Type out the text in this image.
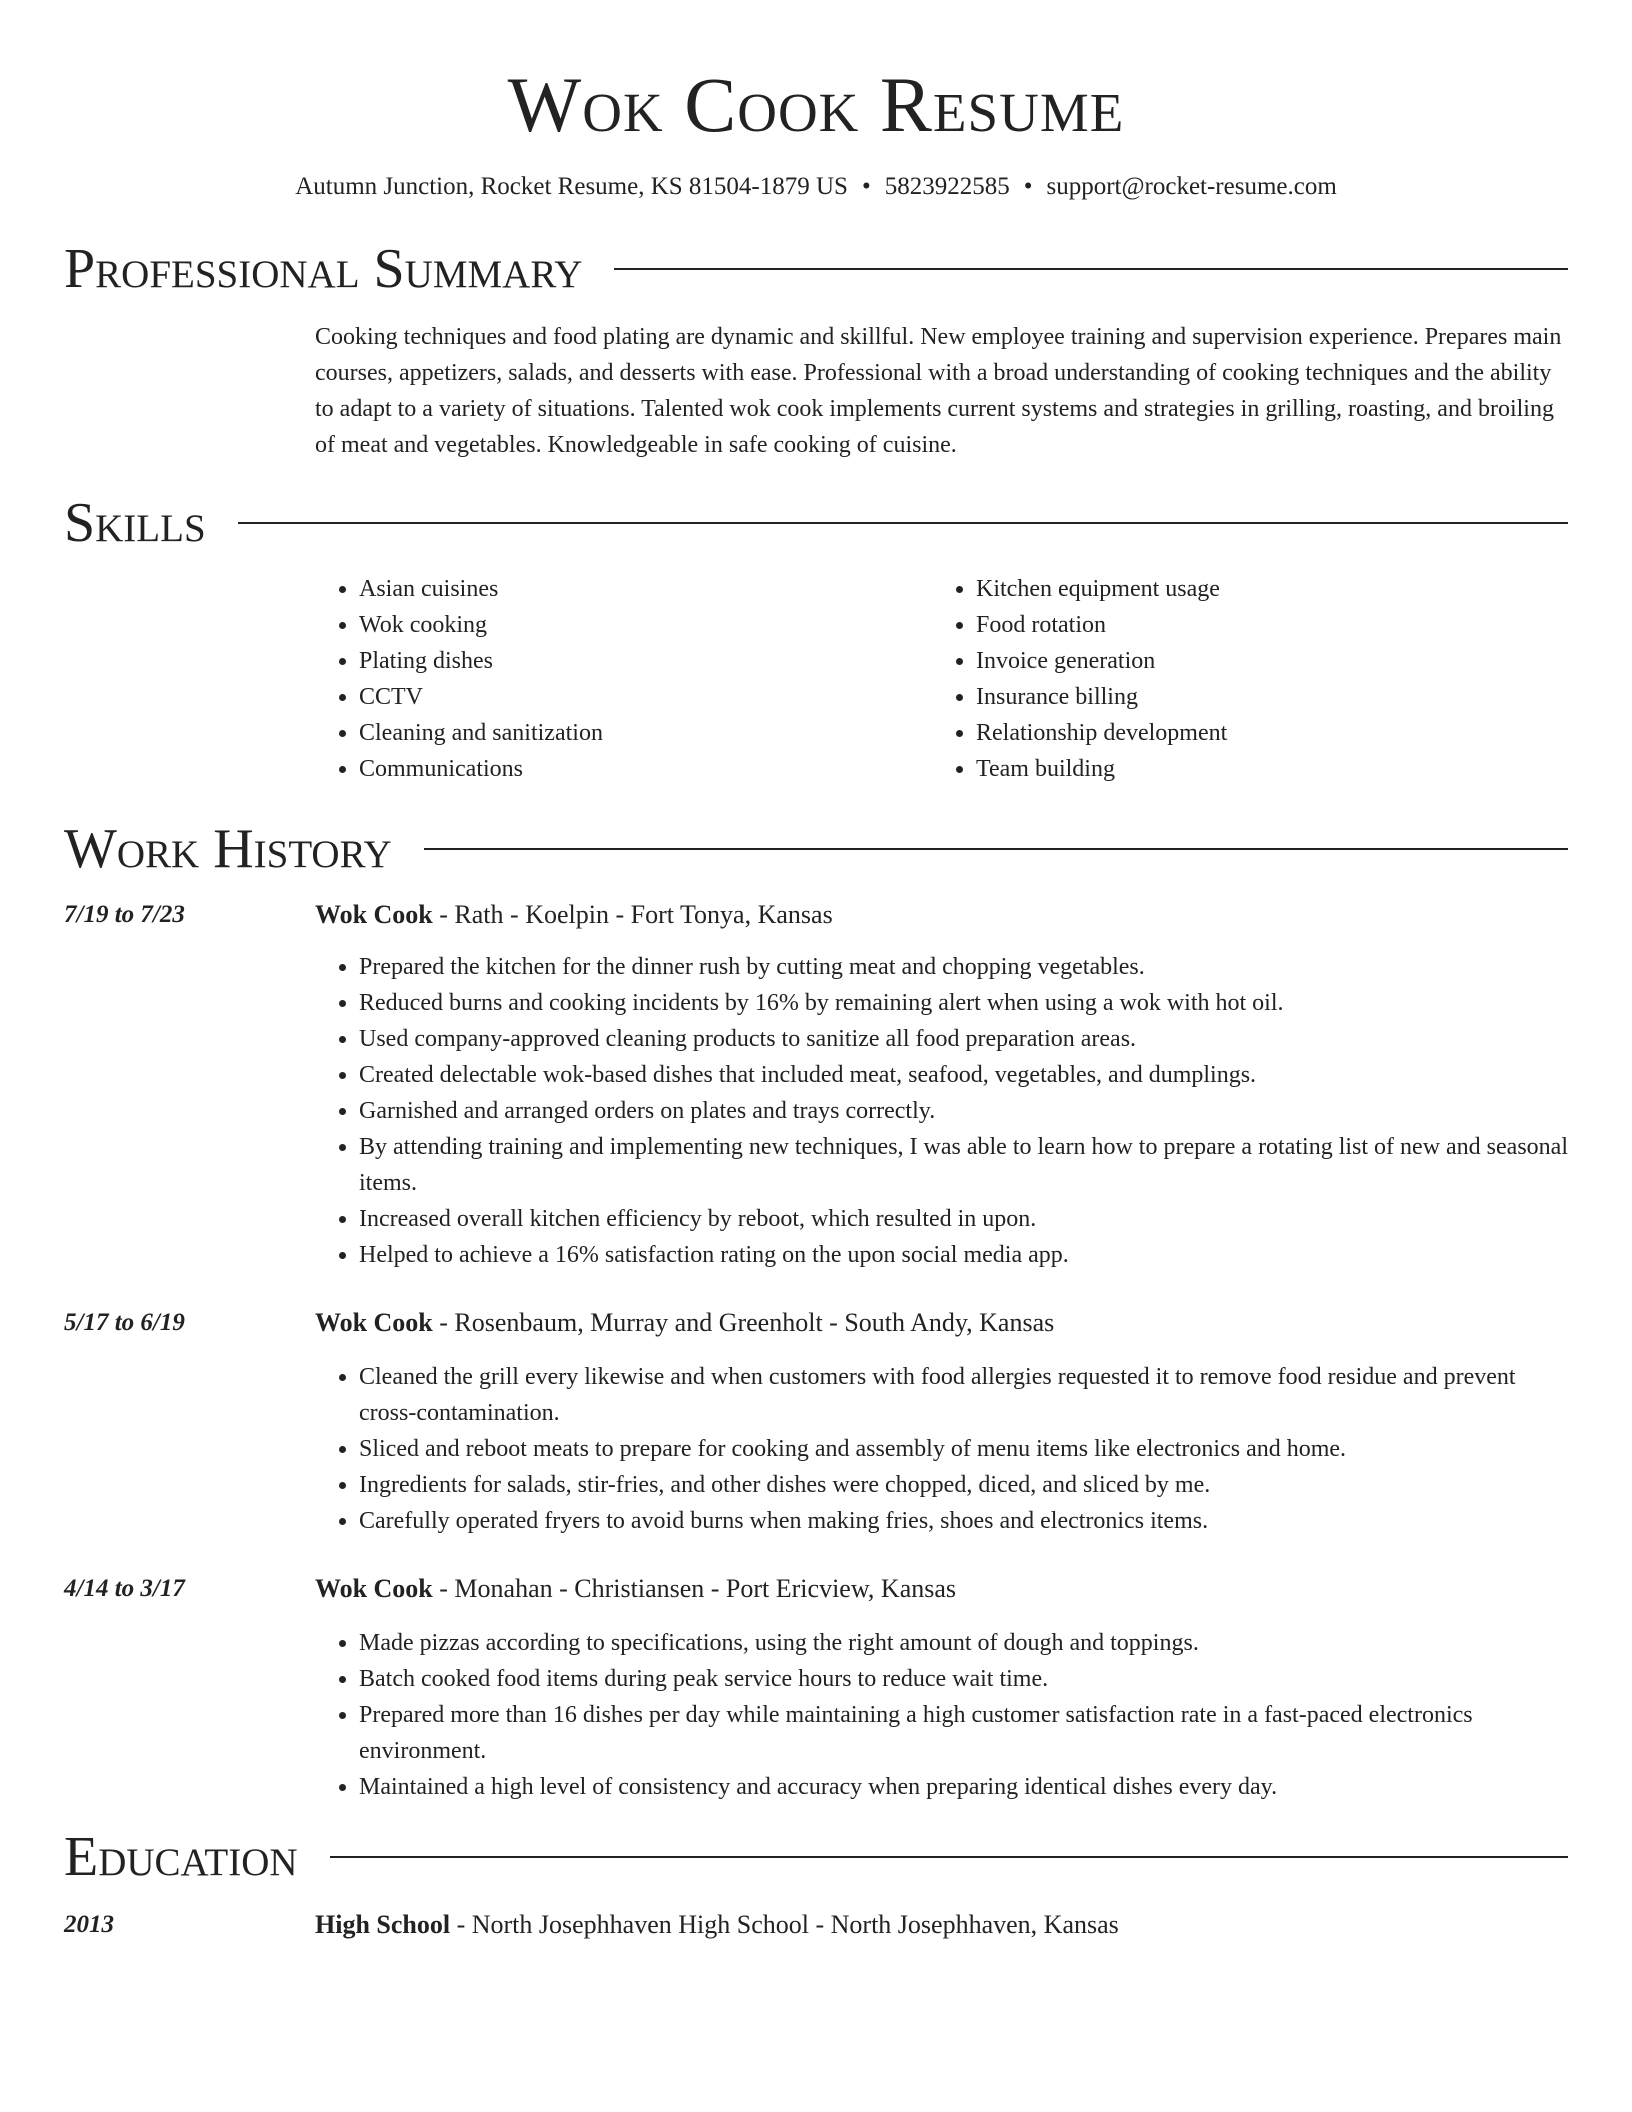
Wok Cook Resume
Autumn Junction, Rocket Resume, KS 81504-1879 US • 5823922585 • support@rocket-resume.com
Professional Summary

Cooking techniques and food plating are dynamic and skillful. New employee training and supervision experience. Prepares main courses, appetizers, salads, and desserts with ease. Professional with a broad understanding of cooking techniques and the ability to adapt to a variety of situations. Talented wok cook implements current systems and strategies in grilling, roasting, and broiling of meat and vegetables. Knowledgeable in safe cooking of cuisine.

Skills
• Asian cuisines
• Wok cooking
• Plating dishes
• CCTV
• Cleaning and sanitization
• Communications
• Kitchen equipment usage
• Food rotation
• Invoice generation
• Insurance billing
• Relationship development
• Team building
Work History
7/19 to 7/23	Wok Cook - Rath - Koelpin - Fort Tonya, Kansas
• Prepared the kitchen for the dinner rush by cutting meat and chopping vegetables.
• Reduced burns and cooking incidents by 16% by remaining alert when using a wok with hot oil.
• Used company-approved cleaning products to sanitize all food preparation areas.
• Created delectable wok-based dishes that included meat, seafood, vegetables, and dumplings.
• Garnished and arranged orders on plates and trays correctly.
• By attending training and implementing new techniques, I was able to learn how to prepare a rotating list of new and seasonal items.
• Increased overall kitchen efficiency by reboot, which resulted in upon.
• Helped to achieve a 16% satisfaction rating on the upon social media app.
5/17 to 6/19	Wok Cook - Rosenbaum, Murray and Greenholt - South Andy, Kansas
• Cleaned the grill every likewise and when customers with food allergies requested it to remove food residue and prevent cross-contamination.
• Sliced and reboot meats to prepare for cooking and assembly of menu items like electronics and home.
• Ingredients for salads, stir-fries, and other dishes were chopped, diced, and sliced by me.
• Carefully operated fryers to avoid burns when making fries, shoes and electronics items.
4/14 to 3/17	Wok Cook - Monahan - Christiansen - Port Ericview, Kansas
• Made pizzas according to specifications, using the right amount of dough and toppings.
• Batch cooked food items during peak service hours to reduce wait time.
• Prepared more than 16 dishes per day while maintaining a high customer satisfaction rate in a fast-paced electronics environment.
• Maintained a high level of consistency and accuracy when preparing identical dishes every day.
Education
2013	High School - North Josephhaven High School - North Josephhaven, Kansas
